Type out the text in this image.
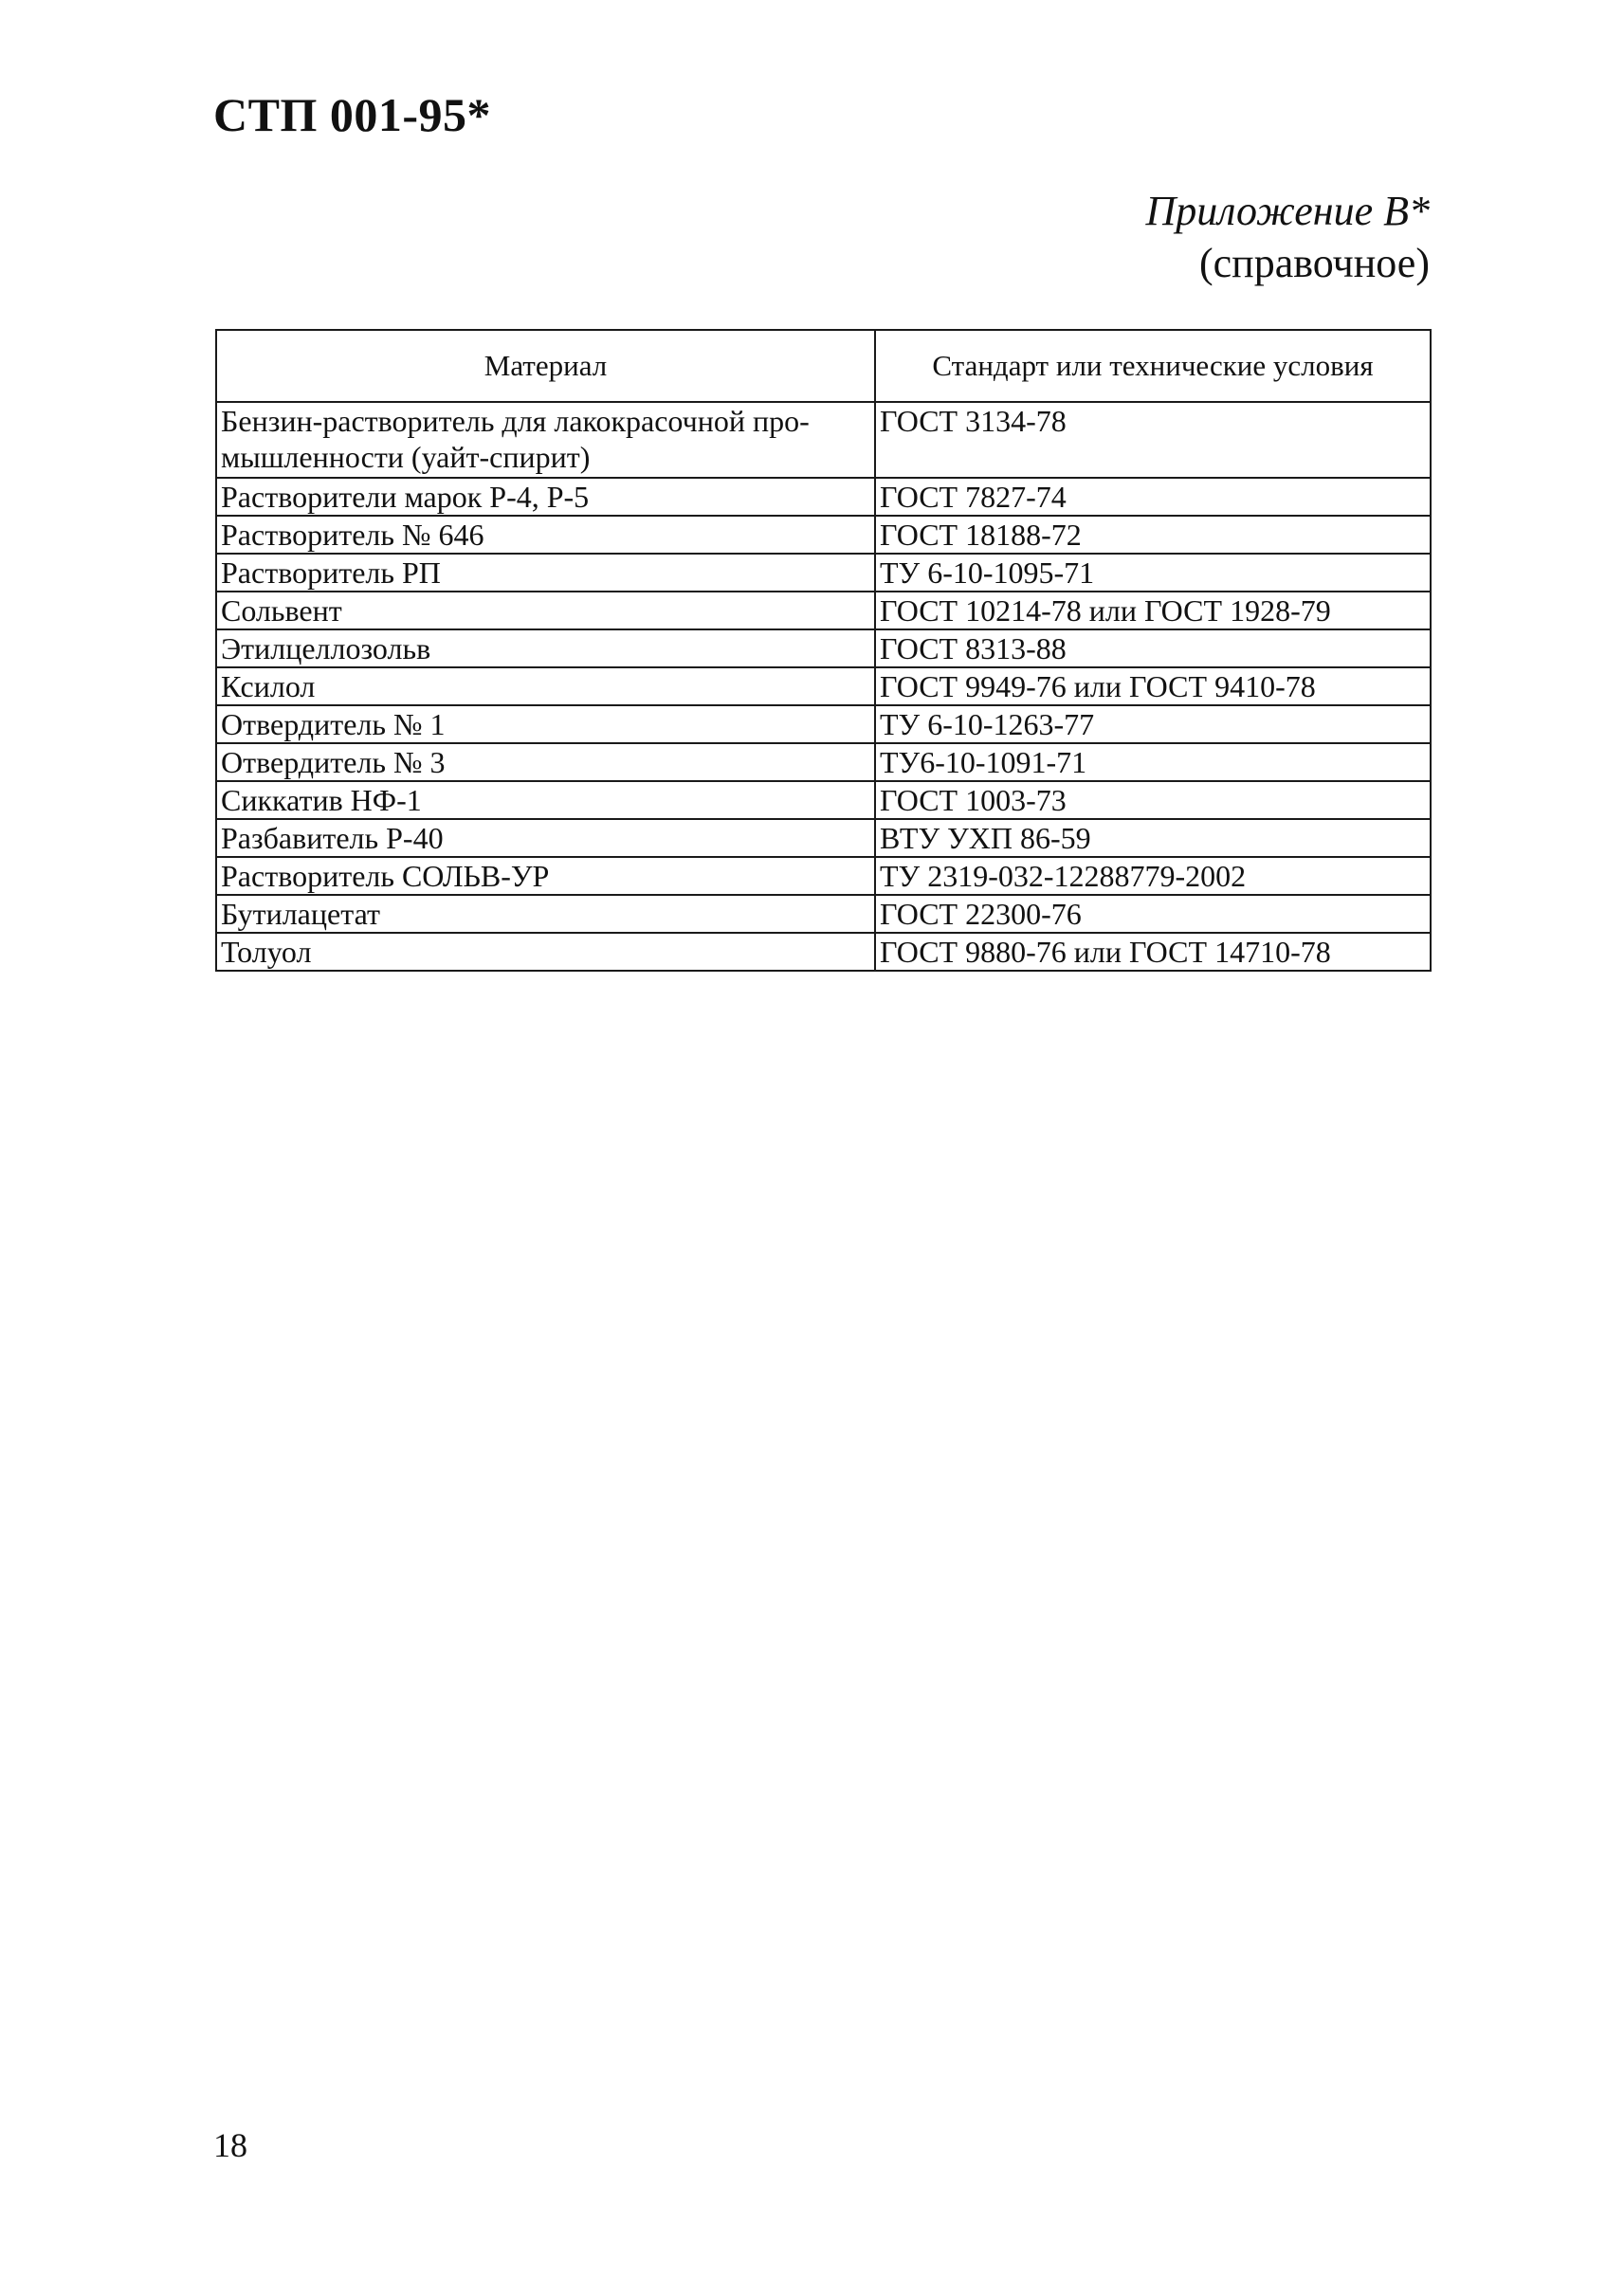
СТП 001-95*
Приложение В*
(справочное)
Материал	Стандарт или технические условия
Бензин-растворитель для лакокрасочной про-мышленности (уайт-спирит)	ГОСТ 3134-78
Растворители марок Р-4, Р-5	ГОСТ 7827-74
Растворитель № 646	ГОСТ 18188-72
Растворитель РП	ТУ 6-10-1095-71
Сольвент	ГОСТ 10214-78 или ГОСТ 1928-79
Этилцеллозольв	ГОСТ 8313-88
Ксилол	ГОСТ 9949-76 или ГОСТ 9410-78
Отвердитель № 1	ТУ 6-10-1263-77
Отвердитель № 3	ТУ6-10-1091-71
Сиккатив НФ-1	ГОСТ 1003-73
Разбавитель Р-40	ВТУ УХП 86-59
Растворитель СОЛЬВ-УР	ТУ 2319-032-12288779-2002
Бутилацетат	ГОСТ 22300-76
Толуол	ГОСТ 9880-76 или ГОСТ 14710-78
18
